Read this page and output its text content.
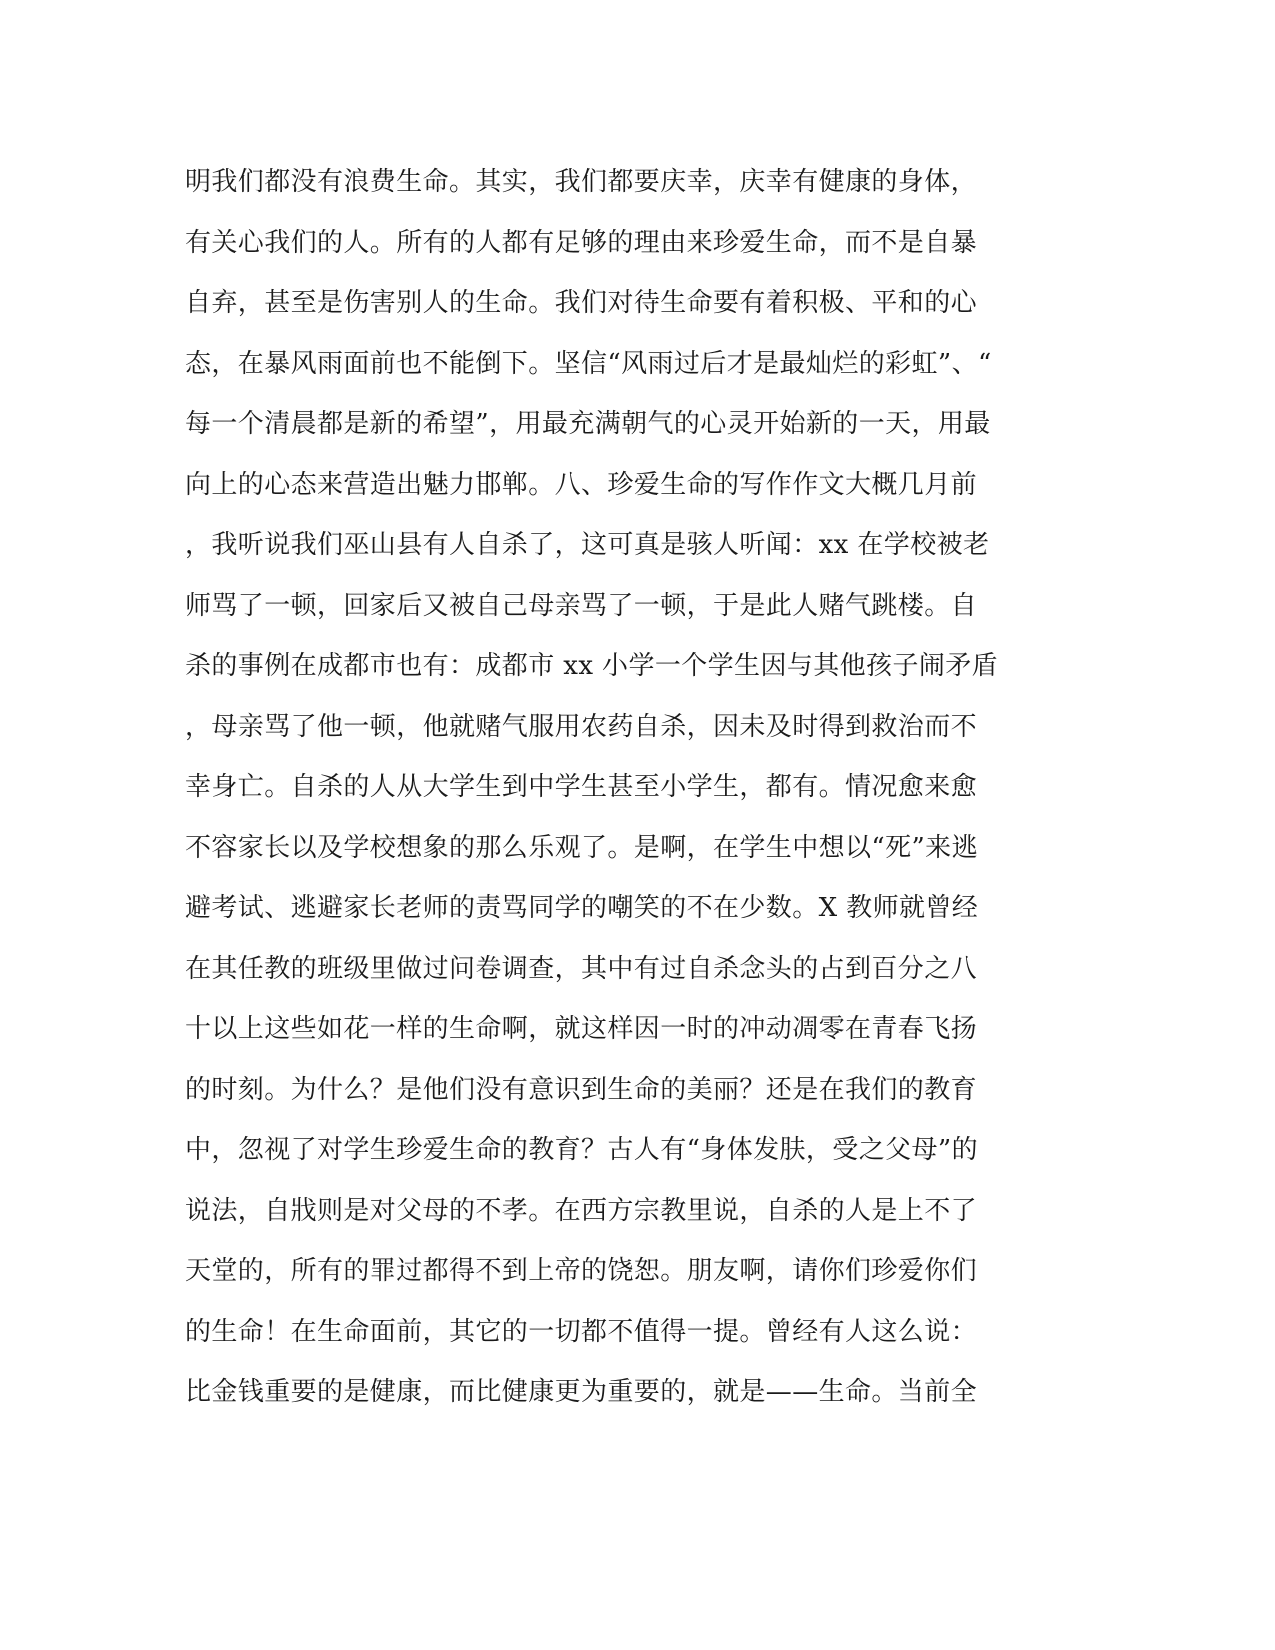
明我们都没有浪费生命。其实，我们都要庆幸，庆幸有健康的身体，
有关心我们的人。所有的人都有足够的理由来珍爱生命，而不是自暴
自弃，甚至是伤害别人的生命。我们对待生命要有着积极、平和的心
态，在暴风雨面前也不能倒下。坚信“风雨过后才是最灿烂的彩虹”、“
每一个清晨都是新的希望”，用最充满朝气的心灵开始新的一天，用最
向上的心态来营造出魅力邯郸。八、珍爱生命的写作作文大概几月前
，我听说我们巫山县有人自杀了，这可真是骇人听闻：xx 在学校被老
师骂了一顿，回家后又被自己母亲骂了一顿，于是此人赌气跳楼。自
杀的事例在成都市也有：成都市 xx 小学一个学生因与其他孩子闹矛盾
，母亲骂了他一顿，他就赌气服用农药自杀，因未及时得到救治而不
幸身亡。自杀的人从大学生到中学生甚至小学生，都有。情况愈来愈
不容家长以及学校想象的那么乐观了。是啊，在学生中想以“死”来逃
避考试、逃避家长老师的责骂同学的嘲笑的不在少数。X 教师就曾经
在其任教的班级里做过问卷调查，其中有过自杀念头的占到百分之八
十以上这些如花一样的生命啊，就这样因一时的冲动凋零在青春飞扬
的时刻。为什么？是他们没有意识到生命的美丽？还是在我们的教育
中，忽视了对学生珍爱生命的教育？古人有“身体发肤，受之父母”的
说法，自戕则是对父母的不孝。在西方宗教里说，自杀的人是上不了
天堂的，所有的罪过都得不到上帝的饶恕。朋友啊，请你们珍爱你们
的生命！在生命面前，其它的一切都不值得一提。曾经有人这么说：
比金钱重要的是健康，而比健康更为重要的，就是——生命。当前全
